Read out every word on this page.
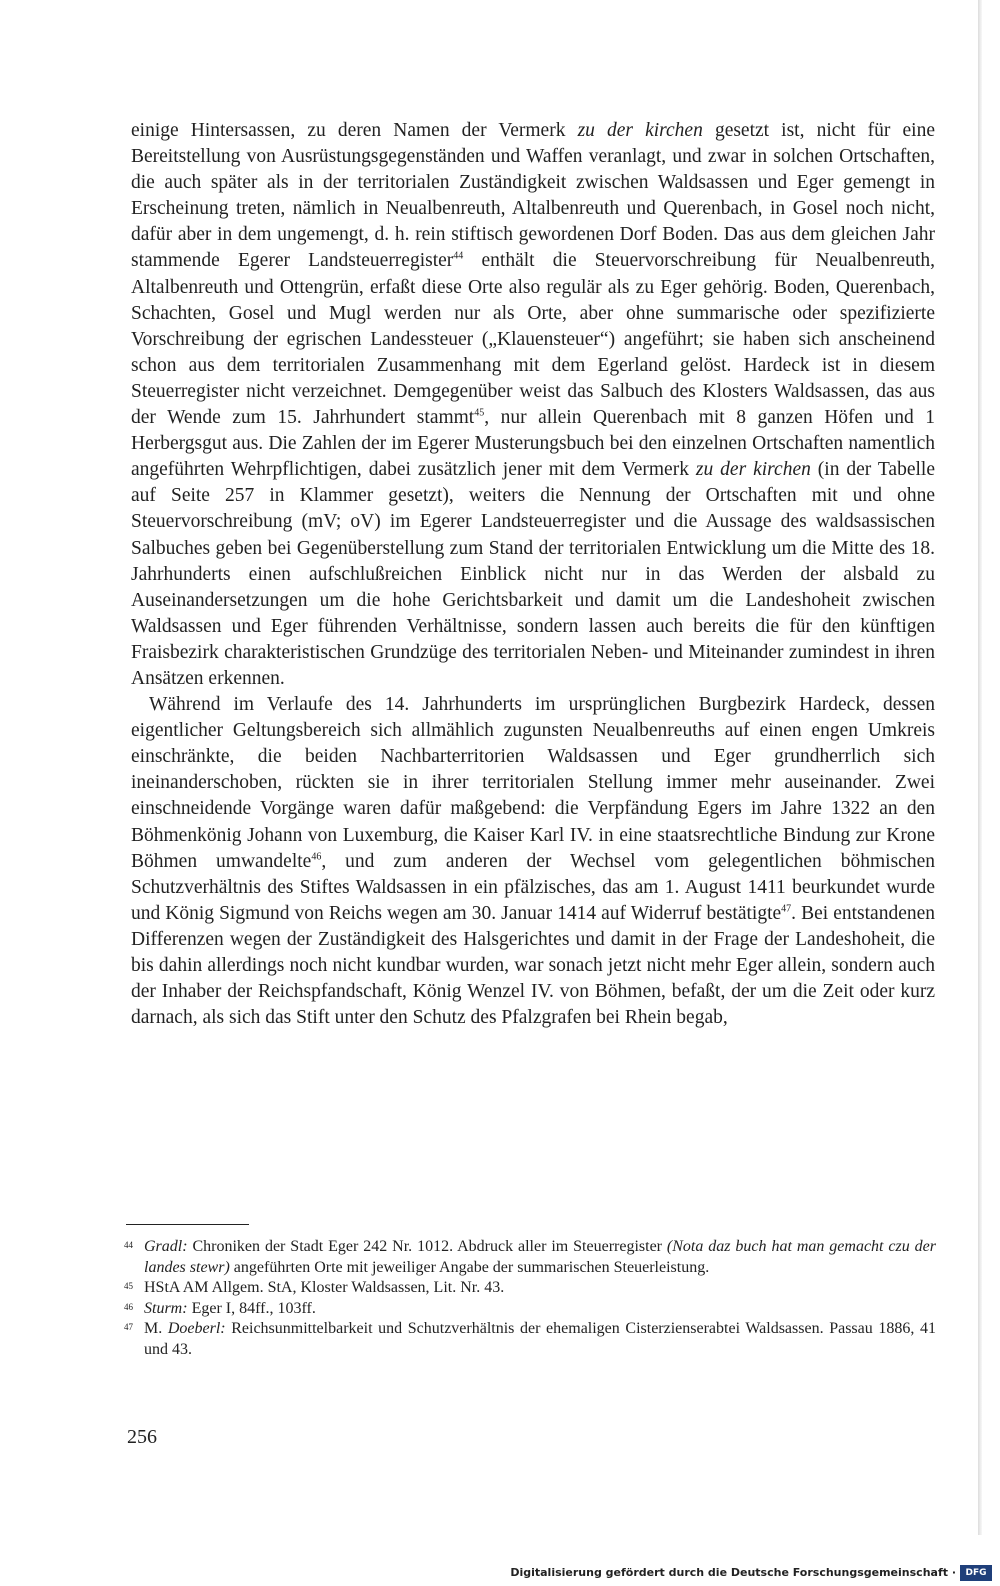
einige Hintersassen, zu deren Namen der Vermerk zu der kirchen gesetzt ist, nicht für eine Bereitstellung von Ausrüstungsgegenständen und Waffen veranlagt, und zwar in solchen Ortschaften, die auch später als in der territorialen Zuständigkeit zwischen Waldsassen und Eger gemengt in Erscheinung treten, nämlich in Neualbenreuth, Altalbenreuth und Querenbach, in Gosel noch nicht, dafür aber in dem ungemengt, d. h. rein stiftisch gewordenen Dorf Boden. Das aus dem gleichen Jahr stammende Egerer Landsteuerregister$^{44}$ enthält die Steuervorschreibung für Neualbenreuth, Altalbenreuth und Ottengrün, erfaßt diese Orte also regulär als zu Eger gehörig. Boden, Querenbach, Schachten, Gosel und Mugl werden nur als Orte, aber ohne summarische oder spezifizierte Vorschreibung der egrischen Landessteuer („Klauensteuer“) angeführt; sie haben sich anscheinend schon aus dem territorialen Zusammenhang mit dem Egerland gelöst. Hardeck ist in diesem Steuerregister nicht verzeichnet. Demgegenüber weist das Salbuch des Klosters Waldsassen, das aus der Wende zum 15. Jahrhundert stammt$^{45}$, nur allein Querenbach mit 8 ganzen Höfen und 1 Herbergsgut aus. Die Zahlen der im Egerer Musterungsbuch bei den einzelnen Ortschaften namentlich angeführten Wehrpflichtigen, dabei zusätzlich jener mit dem Vermerk zu der kirchen (in der Tabelle auf Seite 257 in Klammer gesetzt), weiters die Nennung der Ortschaften mit und ohne Steuervorschreibung (mV; oV) im Egerer Landsteuerregister und die Aussage des waldsassischen Salbuches geben bei Gegenüberstellung zum Stand der territorialen Entwicklung um die Mitte des 18. Jahrhunderts einen aufschlußreichen Einblick nicht nur in das Werden der alsbald zu Auseinandersetzungen um die hohe Gerichtsbarkeit und damit um die Landeshoheit zwischen Waldsassen und Eger führenden Verhältnisse, sondern lassen auch bereits die für den künftigen Fraisbezirk charakteristischen Grundzüge des territorialen Neben- und Miteinander zumindest in ihren Ansätzen erkennen.

Während im Verlaufe des 14. Jahrhunderts im ursprünglichen Burgbezirk Hardeck, dessen eigentlicher Geltungsbereich sich allmählich zugunsten Neualbenreuths auf einen engen Umkreis einschränkte, die beiden Nachbarterritorien Waldsassen und Eger grundherrlich sich ineinanderschoben, rückten sie in ihrer territorialen Stellung immer mehr auseinander. Zwei einschneidende Vorgänge waren dafür maßgebend: die Verpfändung Egers im Jahre 1322 an den Böhmenkönig Johann von Luxemburg, die Kaiser Karl IV. in eine staatsrechtliche Bindung zur Krone Böhmen umwandelte$^{46}$, und zum anderen der Wechsel vom gelegentlichen böhmischen Schutzverhältnis des Stiftes Waldsassen in ein pfälzisches, das am 1. August 1411 beurkundet wurde und König Sigmund von Reichs wegen am 30. Januar 1414 auf Widerruf bestätigte$^{47}$. Bei entstandenen Differenzen wegen der Zuständigkeit des Halsgerichtes und damit in der Frage der Landeshoheit, die bis dahin allerdings noch nicht kundbar wurden, war sonach jetzt nicht mehr Eger allein, sondern auch der Inhaber der Reichspfandschaft, König Wenzel IV. von Böhmen, befaßt, der um die Zeit oder kurz darnach, als sich das Stift unter den Schutz des Pfalzgrafen bei Rhein begab,

44 Gradl: Chroniken der Stadt Eger 242 Nr. 1012. Abdruck aller im Steuerregister (Nota daz buch hat man gemacht czu der landes stewr) angeführten Orte mit jeweiliger Angabe der summarischen Steuerleistung.
45 HStA AM Allgem. StA, Kloster Waldsassen, Lit. Nr. 43.
46 Sturm: Eger I, 84ff., 103ff.
47 M. Doeberl: Reichsunmittelbarkeit und Schutzverhältnis der ehemaligen Cisterzienserabtei Waldsassen. Passau 1886, 41 und 43.
256
Digitalisierung gefördert durch die Deutsche Forschungsgemeinschaft ·	DFG
